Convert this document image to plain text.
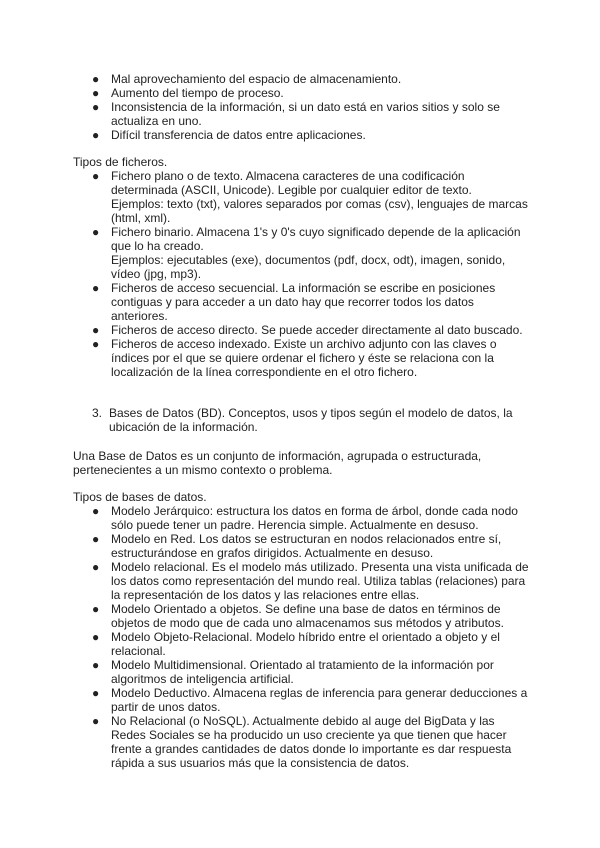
● Mal aprovechamiento del espacio de almacenamiento.
● Aumento del tiempo de proceso.
● Inconsistencia de la información, si un dato está en varios sitios y solo se actualiza en uno.
● Difícil transferencia de datos entre aplicaciones.
Tipos de ficheros.
● Fichero plano o de texto. Almacena caracteres de una codificación determinada (ASCII, Unicode). Legible por cualquier editor de texto.
Ejemplos: texto (txt), valores separados por comas (csv), lenguajes de marcas (html, xml).
● Fichero binario. Almacena 1's y 0's cuyo significado depende de la aplicación que lo ha creado.
Ejemplos: ejecutables (exe), documentos (pdf, docx, odt), imagen, sonido, vídeo (jpg, mp3).
● Ficheros de acceso secuencial. La información se escribe en posiciones contiguas y para acceder a un dato hay que recorrer todos los datos anteriores.
● Ficheros de acceso directo. Se puede acceder directamente al dato buscado.
● Ficheros de acceso indexado. Existe un archivo adjunto con las claves o índices por el que se quiere ordenar el fichero y éste se relaciona con la localización de la línea correspondiente en el otro fichero.
3. Bases de Datos (BD). Conceptos, usos y tipos según el modelo de datos, la ubicación de la información.
Una Base de Datos es un conjunto de información, agrupada o estructurada, pertenecientes a un mismo contexto o problema.
Tipos de bases de datos.
● Modelo Jerárquico: estructura los datos en forma de árbol, donde cada nodo sólo puede tener un padre. Herencia simple. Actualmente en desuso.
● Modelo en Red. Los datos se estructuran en nodos relacionados entre sí, estructurándose en grafos dirigidos. Actualmente en desuso.
● Modelo relacional. Es el modelo más utilizado. Presenta una vista unificada de los datos como representación del mundo real. Utiliza tablas (relaciones) para la representación de los datos y las relaciones entre ellas.
● Modelo Orientado a objetos. Se define una base de datos en términos de objetos de modo que de cada uno almacenamos sus métodos y atributos.
● Modelo Objeto-Relacional. Modelo híbrido entre el orientado a objeto y el relacional.
● Modelo Multidimensional. Orientado al tratamiento de la información por algoritmos de inteligencia artificial.
● Modelo Deductivo. Almacena reglas de inferencia para generar deducciones a partir de unos datos.
● No Relacional (o NoSQL). Actualmente debido al auge del BigData y las Redes Sociales se ha producido un uso creciente ya que tienen que hacer frente a grandes cantidades de datos donde lo importante es dar respuesta rápida a sus usuarios más que la consistencia de datos.
